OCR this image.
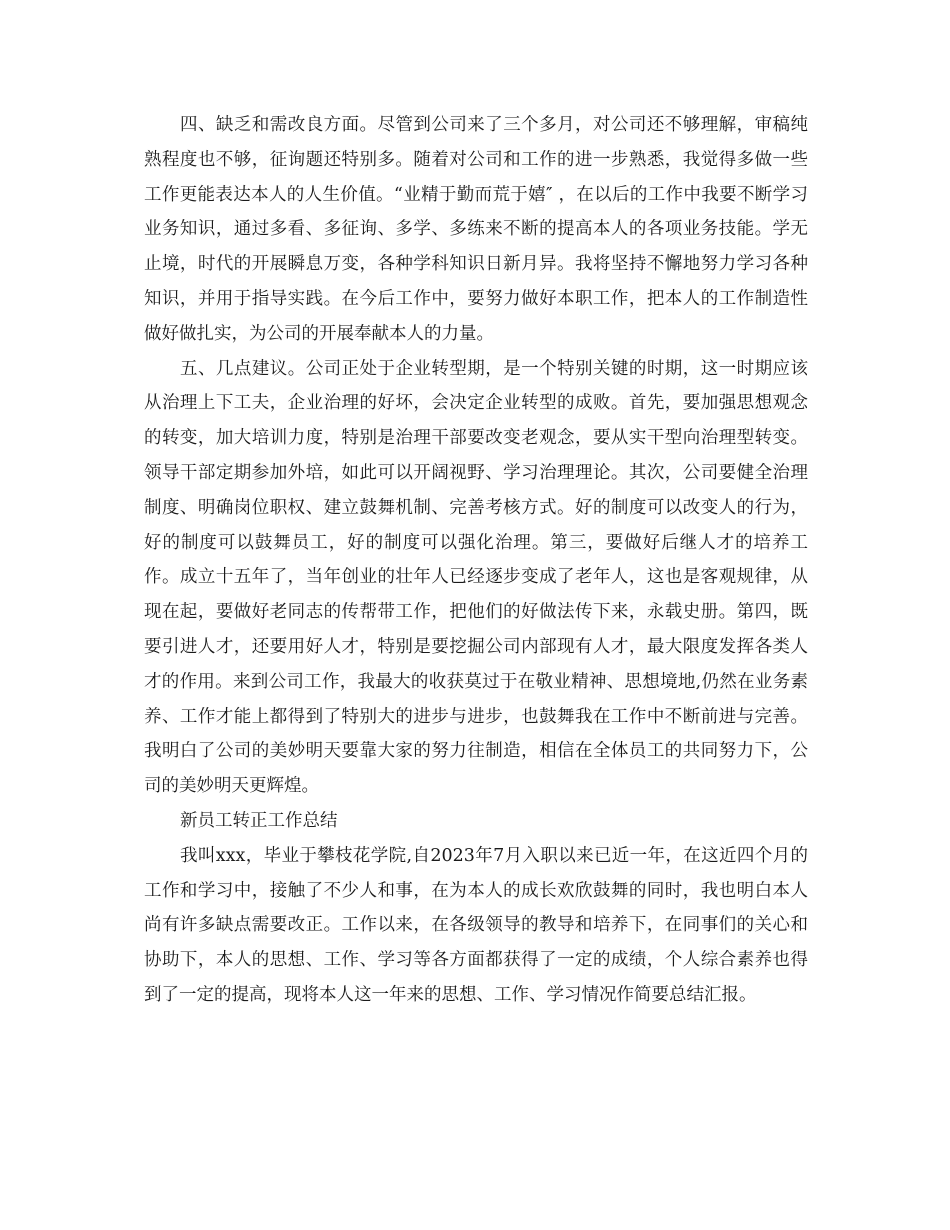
四、缺乏和需改良方面。尽管到公司来了三个多月，对公司还不够理解，审稿纯熟程度也不够，征询题还特别多。随着对公司和工作的进一步熟悉，我觉得多做一些工作更能表达本人的人生价值。“业精于勤而荒于嬉″ ，在以后的工作中我要不断学习业务知识，通过多看、多征询、多学、多练来不断的提高本人的各项业务技能。学无止境，时代的开展瞬息万变，各种学科知识日新月异。我将坚持不懈地努力学习各种知识，并用于指导实践。在今后工作中，要努力做好本职工作，把本人的工作制造性做好做扎实，为公司的开展奉献本人的力量。

五、几点建议。公司正处于企业转型期，是一个特别关键的时期，这一时期应该从治理上下工夫，企业治理的好坏，会决定企业转型的成败。首先，要加强思想观念的转变，加大培训力度，特别是治理干部要改变老观念，要从实干型向治理型转变。领导干部定期参加外培，如此可以开阔视野、学习治理理论。其次，公司要健全治理制度、明确岗位职权、建立鼓舞机制、完善考核方式。好的制度可以改变人的行为，好的制度可以鼓舞员工，好的制度可以强化治理。第三，要做好后继人才的培养工作。成立十五年了，当年创业的壮年人已经逐步变成了老年人，这也是客观规律，从现在起，要做好老同志的传帮带工作，把他们的好做法传下来，永载史册。第四，既要引进人才，还要用好人才，特别是要挖掘公司内部现有人才，最大限度发挥各类人才的作用。来到公司工作，我最大的收获莫过于在敬业精神、思想境地,仍然在业务素养、工作才能上都得到了特别大的进步与进步，也鼓舞我在工作中不断前进与完善。我明白了公司的美妙明天要靠大家的努力往制造，相信在全体员工的共同努力下，公司的美妙明天更辉煌。

新员工转正工作总结

我叫xxx，毕业于攀枝花学院,自2023年7月入职以来已近一年，在这近四个月的工作和学习中，接触了不少人和事，在为本人的成长欢欣鼓舞的同时，我也明白本人尚有许多缺点需要改正。工作以来，在各级领导的教导和培养下，在同事们的关心和协助下，本人的思想、工作、学习等各方面都获得了一定的成绩，个人综合素养也得到了一定的提高，现将本人这一年来的思想、工作、学习情况作简要总结汇报。
